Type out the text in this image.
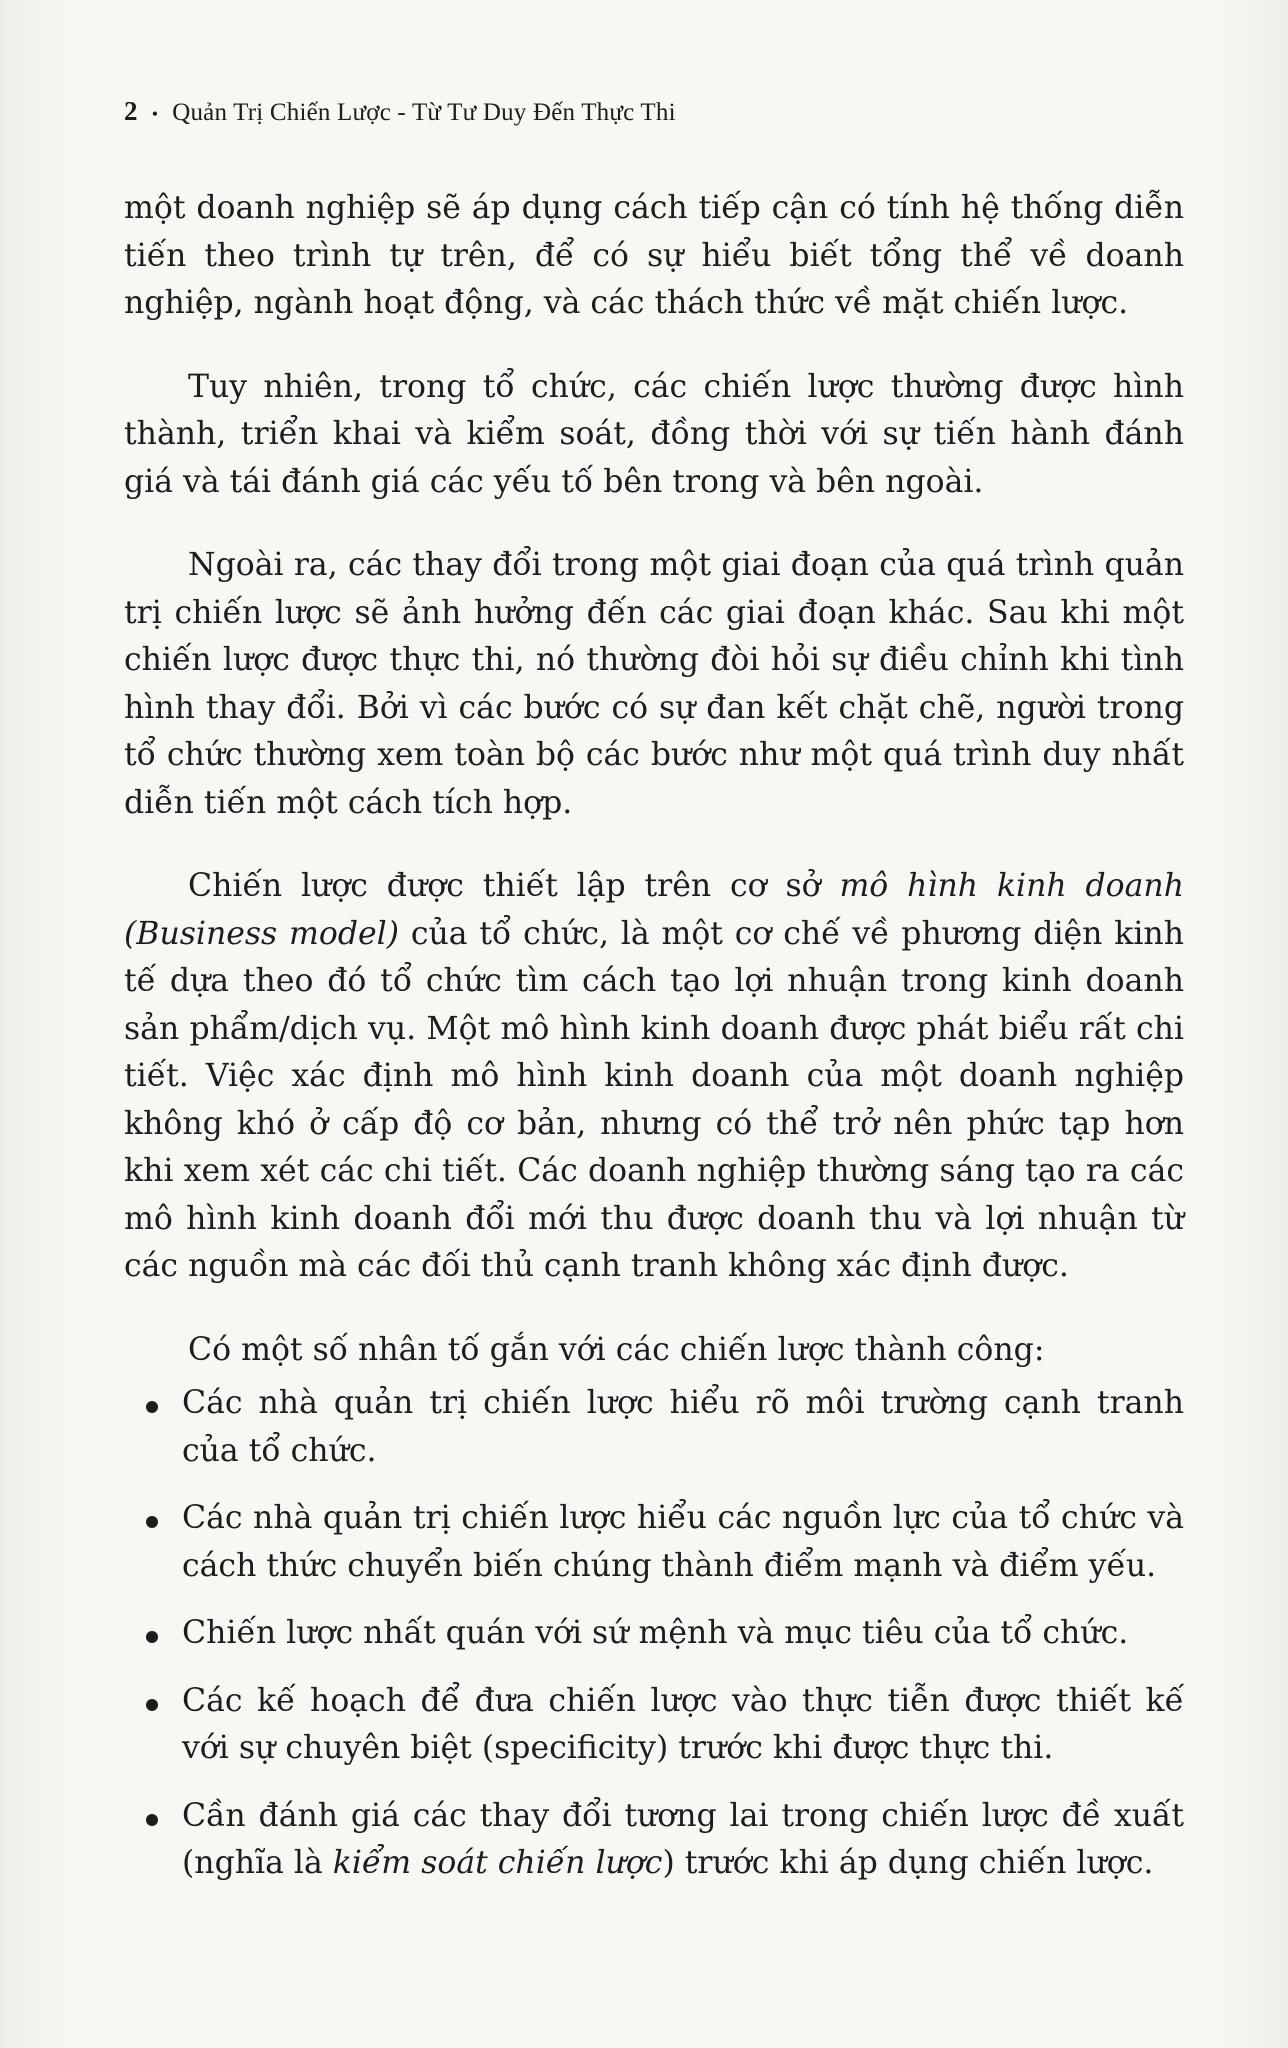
2 • Quản Trị Chiến Lược - Từ Tư Duy Đến Thực Thi

một doanh nghiệp sẽ áp dụng cách tiếp cận có tính hệ thống diễn tiến theo trình tự trên, để có sự hiểu biết tổng thể về doanh nghiệp, ngành hoạt động, và các thách thức về mặt chiến lược.

Tuy nhiên, trong tổ chức, các chiến lược thường được hình thành, triển khai và kiểm soát, đồng thời với sự tiến hành đánh giá và tái đánh giá các yếu tố bên trong và bên ngoài.

Ngoài ra, các thay đổi trong một giai đoạn của quá trình quản trị chiến lược sẽ ảnh hưởng đến các giai đoạn khác. Sau khi một chiến lược được thực thi, nó thường đòi hỏi sự điều chỉnh khi tình hình thay đổi. Bởi vì các bước có sự đan kết chặt chẽ, người trong tổ chức thường xem toàn bộ các bước như một quá trình duy nhất diễn tiến một cách tích hợp.

Chiến lược được thiết lập trên cơ sở mô hình kinh doanh (Business model) của tổ chức, là một cơ chế về phương diện kinh tế dựa theo đó tổ chức tìm cách tạo lợi nhuận trong kinh doanh sản phẩm/dịch vụ. Một mô hình kinh doanh được phát biểu rất chi tiết. Việc xác định mô hình kinh doanh của một doanh nghiệp không khó ở cấp độ cơ bản, nhưng có thể trở nên phức tạp hơn khi xem xét các chi tiết. Các doanh nghiệp thường sáng tạo ra các mô hình kinh doanh đổi mới thu được doanh thu và lợi nhuận từ các nguồn mà các đối thủ cạnh tranh không xác định được.

Có một số nhân tố gắn với các chiến lược thành công:

Các nhà quản trị chiến lược hiểu rõ môi trường cạnh tranh của tổ chức.
Các nhà quản trị chiến lược hiểu các nguồn lực của tổ chức và cách thức chuyển biến chúng thành điểm mạnh và điểm yếu.
Chiến lược nhất quán với sứ mệnh và mục tiêu của tổ chức.
Các kế hoạch để đưa chiến lược vào thực tiễn được thiết kế với sự chuyên biệt (specificity) trước khi được thực thi.
Cần đánh giá các thay đổi tương lai trong chiến lược đề xuất (nghĩa là kiểm soát chiến lược) trước khi áp dụng chiến lược.
